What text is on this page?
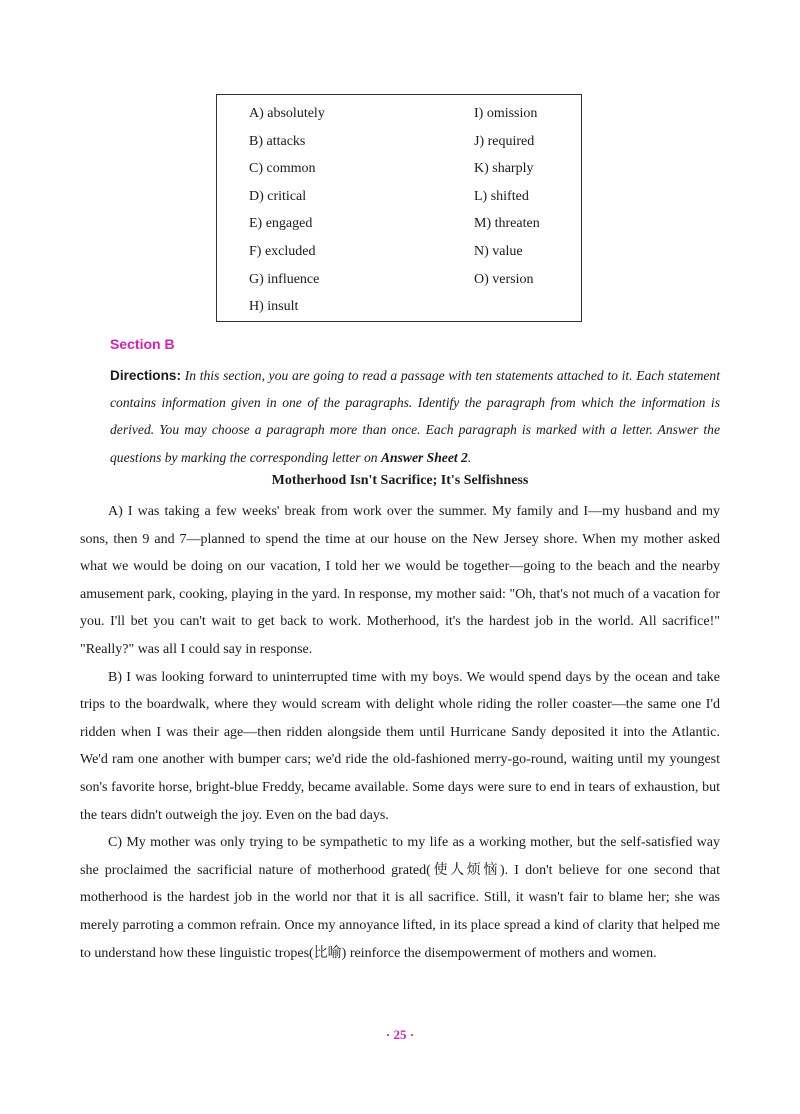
A) absolutely
B) attacks
C) common
D) critical
E) engaged
F) excluded
G) influence
H) insult
I) omission
J) required
K) sharply
L) shifted
M) threaten
N) value
O) version
Section B
Directions: In this section, you are going to read a passage with ten statements attached to it. Each statement contains information given in one of the paragraphs. Identify the paragraph from which the information is derived. You may choose a paragraph more than once. Each paragraph is marked with a letter. Answer the questions by marking the corresponding letter on Answer Sheet 2.
Motherhood Isn't Sacrifice; It's Selfishness

A) I was taking a few weeks' break from work over the summer. My family and I—my husband and my sons, then 9 and 7—planned to spend the time at our house on the New Jersey shore. When my mother asked what we would be doing on our vacation, I told her we would be together—going to the beach and the nearby amusement park, cooking, playing in the yard. In response, my mother said: "Oh, that's not much of a vacation for you. I'll bet you can't wait to get back to work. Motherhood, it's the hardest job in the world. All sacrifice!" "Really?" was all I could say in response.

B) I was looking forward to uninterrupted time with my boys. We would spend days by the ocean and take trips to the boardwalk, where they would scream with delight whole riding the roller coaster—the same one I'd ridden when I was their age—then ridden alongside them until Hurricane Sandy deposited it into the Atlantic. We'd ram one another with bumper cars; we'd ride the old-fashioned merry-go-round, waiting until my youngest son's favorite horse, bright-blue Freddy, became available. Some days were sure to end in tears of exhaustion, but the tears didn't outweigh the joy. Even on the bad days.

C) My mother was only trying to be sympathetic to my life as a working mother, but the self-satisfied way she proclaimed the sacrificial nature of motherhood grated(使人烦恼). I don't believe for one second that motherhood is the hardest job in the world nor that it is all sacrifice. Still, it wasn't fair to blame her; she was merely parroting a common refrain. Once my annoyance lifted, in its place spread a kind of clarity that helped me to understand how these linguistic tropes(比喻) reinforce the disempowerment of mothers and women.

· 25 ·
